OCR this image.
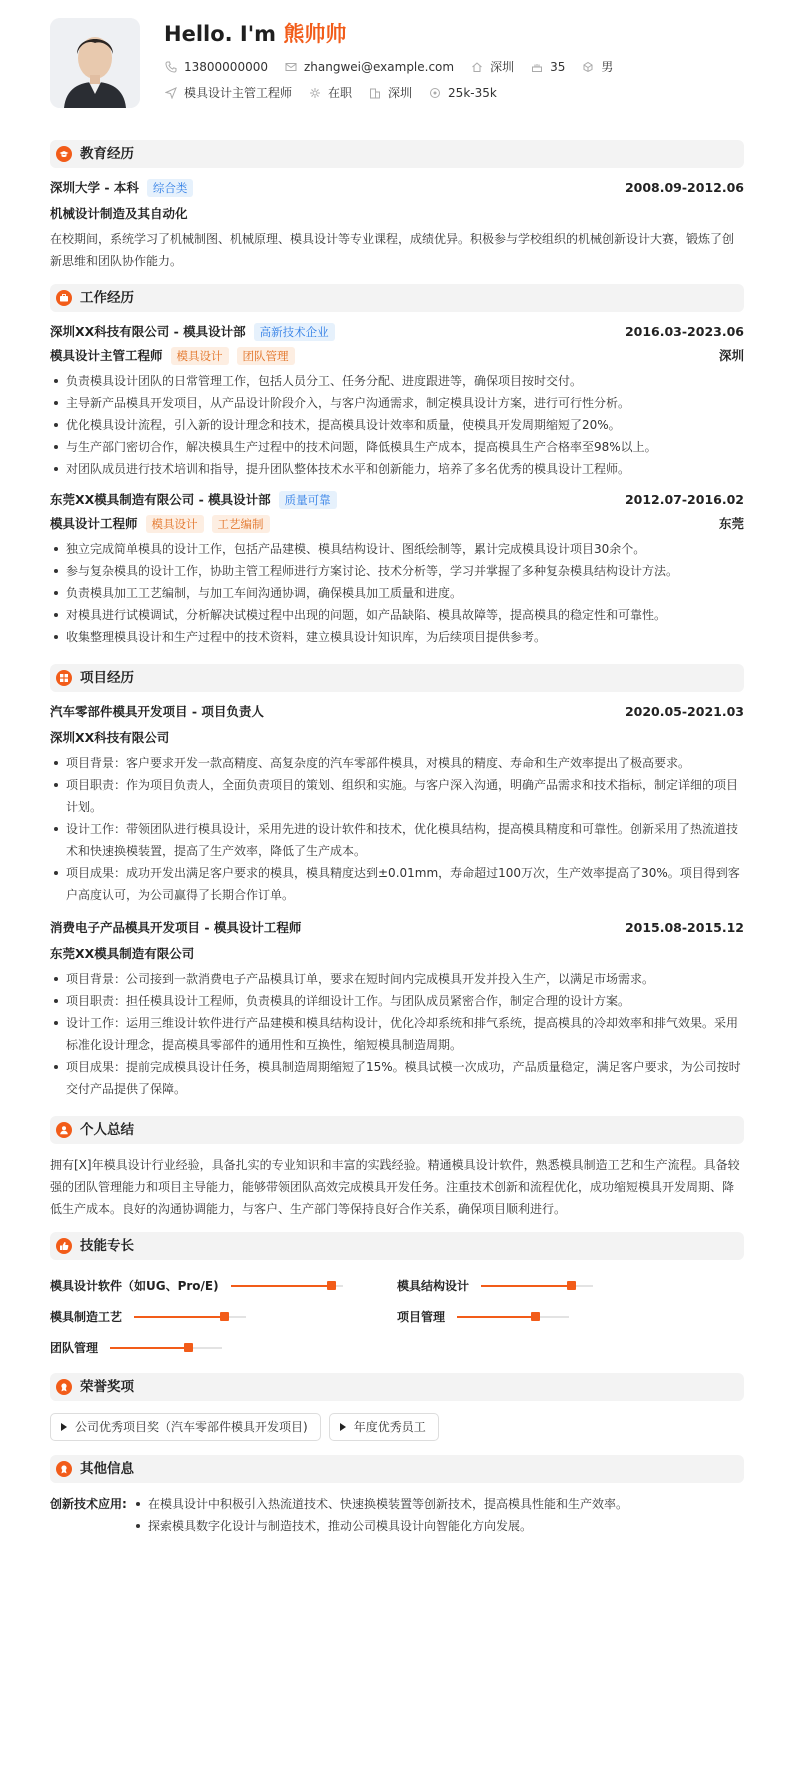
Hello. I'm 熊帅帅
13800000000	zhangwei@example.com	深圳	35	男
模具设计主管工程师	在职	深圳	25k-35k
教育经历
深圳大学 - 本科 综合类	2008.09-2012.06
机械设计制造及其自动化
在校期间，系统学习了机械制图、机械原理、模具设计等专业课程，成绩优异。积极参与学校组织的机械创新设计大赛，锻炼了创新思维和团队协作能力。
工作经历
深圳XX科技有限公司 - 模具设计部 高新技术企业	2016.03-2023.06
模具设计主管工程师 模具设计 团队管理	深圳
负责模具设计团队的日常管理工作，包括人员分工、任务分配、进度跟进等，确保项目按时交付。
主导新产品模具开发项目，从产品设计阶段介入，与客户沟通需求，制定模具设计方案，进行可行性分析。
优化模具设计流程，引入新的设计理念和技术，提高模具设计效率和质量，使模具开发周期缩短了20%。
与生产部门密切合作，解决模具生产过程中的技术问题，降低模具生产成本，提高模具生产合格率至98%以上。
对团队成员进行技术培训和指导，提升团队整体技术水平和创新能力，培养了多名优秀的模具设计工程师。
东莞XX模具制造有限公司 - 模具设计部 质量可靠	2012.07-2016.02
模具设计工程师 模具设计 工艺编制	东莞
独立完成简单模具的设计工作，包括产品建模、模具结构设计、图纸绘制等，累计完成模具设计项目30余个。
参与复杂模具的设计工作，协助主管工程师进行方案讨论、技术分析等，学习并掌握了多种复杂模具结构设计方法。
负责模具加工工艺编制，与加工车间沟通协调，确保模具加工质量和进度。
对模具进行试模调试，分析解决试模过程中出现的问题，如产品缺陷、模具故障等，提高模具的稳定性和可靠性。
收集整理模具设计和生产过程中的技术资料，建立模具设计知识库，为后续项目提供参考。
项目经历
汽车零部件模具开发项目 - 项目负责人	2020.05-2021.03
深圳XX科技有限公司
项目背景：客户要求开发一款高精度、高复杂度的汽车零部件模具，对模具的精度、寿命和生产效率提出了极高要求。
项目职责：作为项目负责人，全面负责项目的策划、组织和实施。与客户深入沟通，明确产品需求和技术指标，制定详细的项目计划。
设计工作：带领团队进行模具设计，采用先进的设计软件和技术，优化模具结构，提高模具精度和可靠性。创新采用了热流道技术和快速换模装置，提高了生产效率，降低了生产成本。
项目成果：成功开发出满足客户要求的模具，模具精度达到±0.01mm，寿命超过100万次，生产效率提高了30%。项目得到客户高度认可，为公司赢得了长期合作订单。
消费电子产品模具开发项目 - 模具设计工程师	2015.08-2015.12
东莞XX模具制造有限公司
项目背景：公司接到一款消费电子产品模具订单，要求在短时间内完成模具开发并投入生产，以满足市场需求。
项目职责：担任模具设计工程师，负责模具的详细设计工作。与团队成员紧密合作，制定合理的设计方案。
设计工作：运用三维设计软件进行产品建模和模具结构设计，优化冷却系统和排气系统，提高模具的冷却效率和排气效果。采用标准化设计理念，提高模具零部件的通用性和互换性，缩短模具制造周期。
项目成果：提前完成模具设计任务，模具制造周期缩短了15%。模具试模一次成功，产品质量稳定，满足客户要求，为公司按时交付产品提供了保障。
个人总结
拥有[X]年模具设计行业经验，具备扎实的专业知识和丰富的实践经验。精通模具设计软件，熟悉模具制造工艺和生产流程。具备较强的团队管理能力和项目主导能力，能够带领团队高效完成模具开发任务。注重技术创新和流程优化，成功缩短模具开发周期、降低生产成本。良好的沟通协调能力，与客户、生产部门等保持良好合作关系，确保项目顺利进行。
技能专长
模具设计软件（如UG、Pro/E)	模具结构设计
模具制造工艺	项目管理
团队管理
荣誉奖项
公司优秀项目奖（汽车零部件模具开发项目)	年度优秀员工
其他信息
创新技术应用:	在模具设计中积极引入热流道技术、快速换模装置等创新技术，提高模具性能和生产效率。
探索模具数字化设计与制造技术，推动公司模具设计向智能化方向发展。
